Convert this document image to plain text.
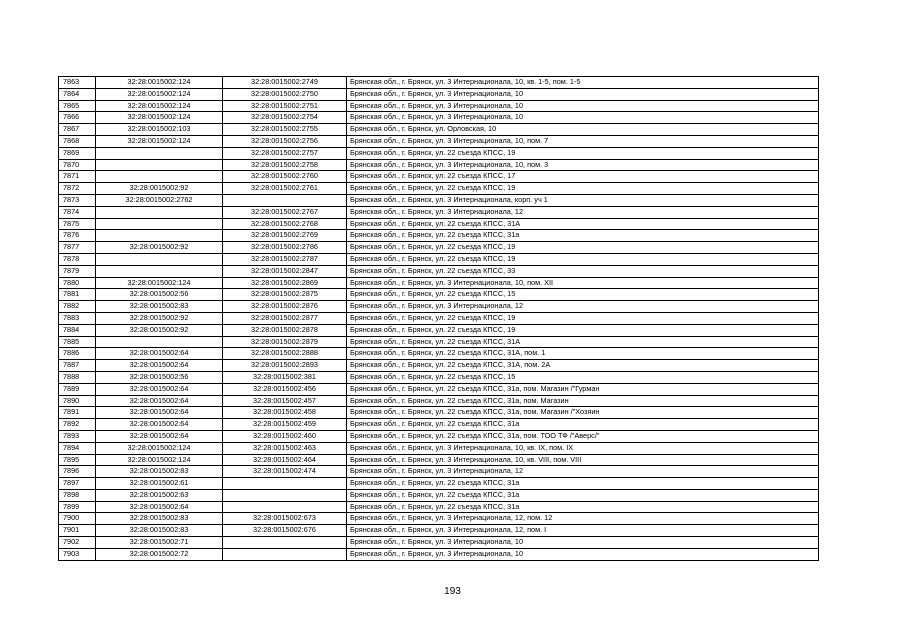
7863	32:28:0015002:124	32:28:0015002:2749	Брянская обл., г. Брянск, ул. 3 Интернационала, 10, кв. 1-5, пом. 1-5
7864	32:28:0015002:124	32:28:0015002:2750	Брянская обл., г. Брянск, ул. 3 Интернационала, 10
7865	32:28:0015002:124	32:28:0015002:2751	Брянская обл., г. Брянск, ул. 3 Интернационала, 10
7866	32:28:0015002:124	32:28:0015002:2754	Брянская обл., г. Брянск, ул. 3 Интернационала, 10
7867	32:28:0015002:103	32:28:0015002:2755	Брянская обл., г. Брянск, ул. Орловская, 10
7868	32:28:0015002:124	32:28:0015002:2756	Брянская обл., г. Брянск, ул. 3 Интернационала, 10, пом. 7
7869		32:28:0015002:2757	Брянская обл., г. Брянск, ул. 22 съезда КПСС, 19
7870		32:28:0015002:2758	Брянская обл., г. Брянск, ул. 3 Интернационала, 10, пом. 3
7871		32:28:0015002:2760	Брянская обл., г. Брянск, ул. 22 съезда КПСС, 17
7872	32:28:0015002:92	32:28:0015002:2761	Брянская обл., г. Брянск, ул. 22 съезда КПСС, 19
7873	32:28:0015002:2762		Брянская обл., г. Брянск, ул. 3 Интернационала, корп. уч 1
7874		32:28:0015002:2767	Брянская обл., г. Брянск, ул. 3 Интернационала, 12
7875		32:28:0015002:2768	Брянская обл., г. Брянск, ул. 22 съезда КПСС, 31А
7876		32:28:0015002:2769	Брянская обл., г. Брянск, ул. 22 съезда КПСС, 31а
7877	32:28:0015002:92	32:28:0015002:2786	Брянская обл., г. Брянск, ул. 22 съезда КПСС, 19
7878		32:28:0015002:2787	Брянская обл., г. Брянск, ул. 22 съезда КПСС, 19
7879		32:28:0015002:2847	Брянская обл., г. Брянск, ул. 22 съезда КПСС, 33
7880	32:28:0015002:124	32:28:0015002:2869	Брянская обл., г. Брянск, ул. 3 Интернационала, 10, пом. XII
7881	32:28:0015002:56	32:28:0015002:2875	Брянская обл., г. Брянск, ул. 22 съезда КПСС, 15
7882	32:28:0015002:83	32:28:0015002:2876	Брянская обл., г. Брянск, ул. 3 Интернационала, 12
7883	32:28:0015002:92	32:28:0015002:2877	Брянская обл., г. Брянск, ул. 22 съезда КПСС, 19
7884	32:28:0015002:92	32:28:0015002:2878	Брянская обл., г. Брянск, ул. 22 съезда КПСС, 19
7885		32:28:0015002:2879	Брянская обл., г. Брянск, ул. 22 съезда КПСС, 31А
7886	32:28:0015002:64	32:28:0015002:2888	Брянская обл., г. Брянск, ул. 22 съезда КПСС, 31А, пом. 1
7887	32:28:0015002:64	32:28:0015002:2893	Брянская обл., г. Брянск, ул. 22 съезда КПСС, 31А, пом. 2А
7888	32:28:0015002:56	32:28:0015002:381	Брянская обл., г. Брянск, ул. 22 съезда КПСС, 15
7889	32:28:0015002:64	32:28:0015002:456	Брянская обл., г. Брянск, ул. 22 съезда КПСС, 31а, пом. Магазин /"Гурман
7890	32:28:0015002:64	32:28:0015002:457	Брянская обл., г. Брянск, ул. 22 съезда КПСС, 31а, пом. Магазин
7891	32:28:0015002:64	32:28:0015002:458	Брянская обл., г. Брянск, ул. 22 съезда КПСС, 31а, пом. Магазин /"Хозяин
7892	32:28:0015002:64	32:28:0015002:459	Брянская обл., г. Брянск, ул. 22 съезда КПСС, 31а
7893	32:28:0015002:64	32:28:0015002:460	Брянская обл., г. Брянск, ул. 22 съезда КПСС, 31а, пом. ТОО ТФ /"Аверс/"
7894	32:28:0015002:124	32:28:0015002:463	Брянская обл., г. Брянск, ул. 3 Интернационала, 10, кв. IX, пом. IX
7895	32:28:0015002:124	32:28:0015002:464	Брянская обл., г. Брянск, ул. 3 Интернационала, 10, кв. VIII, пом. VIII
7896	32:28:0015002:83	32:28:0015002:474	Брянская обл., г. Брянск, ул. 3 Интернационала, 12
7897	32:28:0015002:61		Брянская обл., г. Брянск, ул. 22 съезда КПСС, 31а
7898	32:28:0015002:63		Брянская обл., г. Брянск, ул. 22 съезда КПСС, 31а
7899	32:28:0015002:64		Брянская обл., г. Брянск, ул. 22 съезда КПСС, 31а
7900	32:28:0015002:83	32:28:0015002:673	Брянская обл., г. Брянск, ул. 3 Интернационала, 12, пом. 12
7901	32:28:0015002:83	32:28:0015002:676	Брянская обл., г. Брянск, ул. 3 Интернационала, 12, пом. I
7902	32:28:0015002:71		Брянская обл., г. Брянск, ул. 3 Интернационала, 10
7903	32:28:0015002:72		Брянская обл., г. Брянск, ул. 3 Интернационала, 10
193
